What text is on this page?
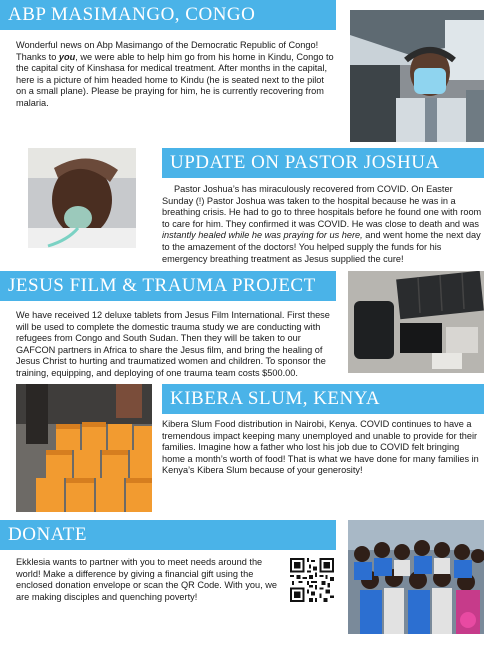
ABP MASIMANGO, CONGO

Wonderful news on Abp Masimango of the Democratic Republic of Congo! Thanks to you, we were able to help him go from his home in Kindu, Congo to the capital city of Kinshasa for medical treatment. After months in the capital, here is a picture of him headed home to Kindu (he is seated next to the pilot on a small plane). Please be praying for him, he is currently recovering from malaria.

UPDATE ON PASTOR JOSHUA

Pastor Joshua’s has miraculously recovered from COVID. On Easter Sunday (!) Pastor Joshua was taken to the hospital because he was in a breathing crisis. He had to go to three hospitals before he found one with room to care for him. They confirmed it was COVID. He was close to death and was instantly healed while he was praying for us here, and went home the next day to the amazement of the doctors! You helped supply the funds for his emergency breathing treatment as Jesus supplied the cure!

JESUS FILM & TRAUMA PROJECT

We have received 12 deluxe tablets from Jesus Film International. First these will be used to complete the domestic trauma study we are conducting with refugees from Congo and South Sudan. Then they will be taken to our GAFCON partners in Africa to share the Jesus film, and bring the healing of Jesus Christ to hurting and traumatized women and children. To sponsor the training, equipping, and deploying of one trauma team costs $500.00.

KIBERA SLUM, KENYA

Kibera Slum Food distribution in Nairobi, Kenya. COVID continues to have a tremendous impact keeping many unemployed and unable to provide for their families. Imagine how a father who lost his job due to COVID felt bringing home a month’s worth of food! That is what we have done for many families in Kenya’s Kibera Slum because of your generosity!

DONATE

Ekklesia wants to partner with you to meet needs around the world! Make a difference by giving a financial gift using the enclosed donation envelope or scan the QR Code. With you, we are making disciples and quenching poverty!
